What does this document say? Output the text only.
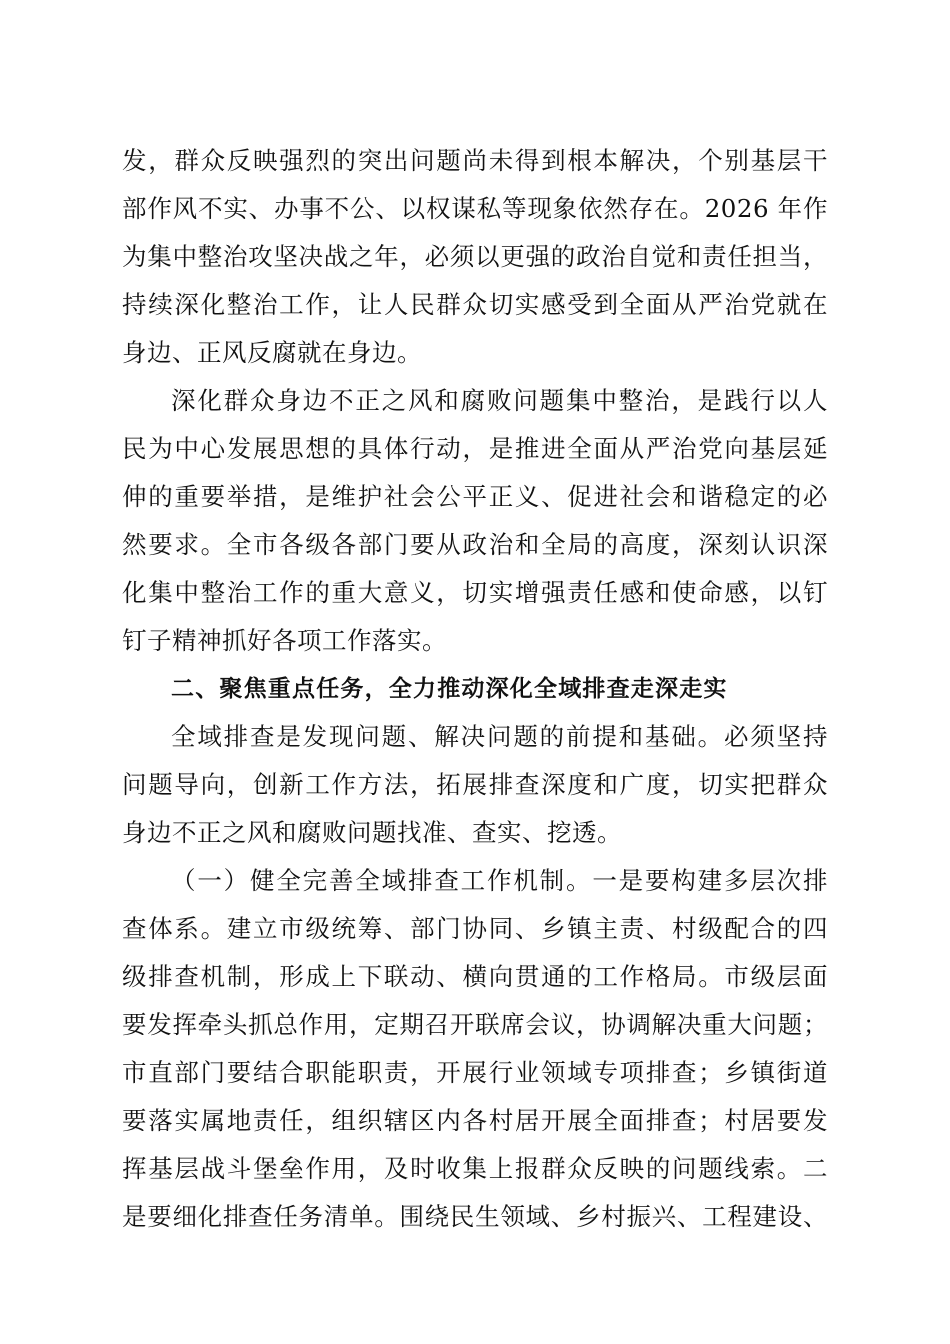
发，群众反映强烈的突出问题尚未得到根本解决，个别基层干
部作风不实、办事不公、以权谋私等现象依然存在。2026 年作
为集中整治攻坚决战之年，必须以更强的政治自觉和责任担当，
持续深化整治工作，让人民群众切实感受到全面从严治党就在
身边、正风反腐就在身边。
深化群众身边不正之风和腐败问题集中整治，是践行以人
民为中心发展思想的具体行动，是推进全面从严治党向基层延
伸的重要举措，是维护社会公平正义、促进社会和谐稳定的必
然要求。全市各级各部门要从政治和全局的高度，深刻认识深
化集中整治工作的重大意义，切实增强责任感和使命感，以钉
钉子精神抓好各项工作落实。
二、聚焦重点任务，全力推动深化全域排查走深走实
全域排查是发现问题、解决问题的前提和基础。必须坚持
问题导向，创新工作方法，拓展排查深度和广度，切实把群众
身边不正之风和腐败问题找准、查实、挖透。
（一）健全完善全域排查工作机制。一是要构建多层次排
查体系。建立市级统筹、部门协同、乡镇主责、村级配合的四
级排查机制，形成上下联动、横向贯通的工作格局。市级层面
要发挥牵头抓总作用，定期召开联席会议，协调解决重大问题；
市直部门要结合职能职责，开展行业领域专项排查；乡镇街道
要落实属地责任，组织辖区内各村居开展全面排查；村居要发
挥基层战斗堡垒作用，及时收集上报群众反映的问题线索。二
是要细化排查任务清单。围绕民生领域、乡村振兴、工程建设、
